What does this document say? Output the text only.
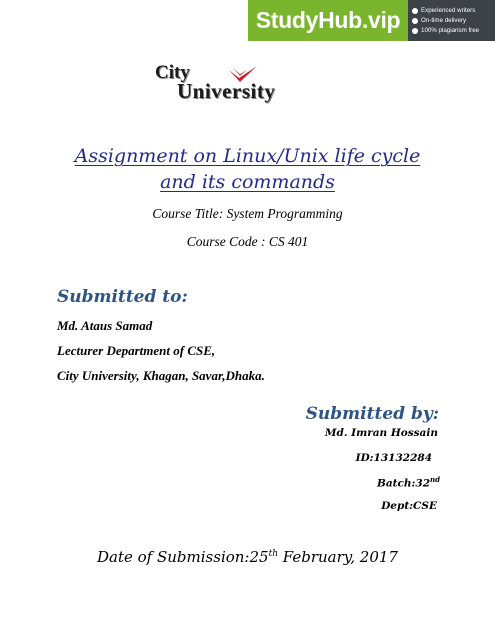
StudyHub.vip	Experienced writers
On-time delivery
100% plagiarism free
City
University
Assignment on Linux/Unix life cycle
and its commands
Course Title: System Programming
Course Code : CS 401
Submitted to:
Md. Ataus Samad
Lecturer Department of CSE,
City University, Khagan, Savar,Dhaka.
Submitted by:
Md. Imran Hossain
ID:13132284
Batch:32nd
Dept:CSE
Date of Submission:25th February, 2017
